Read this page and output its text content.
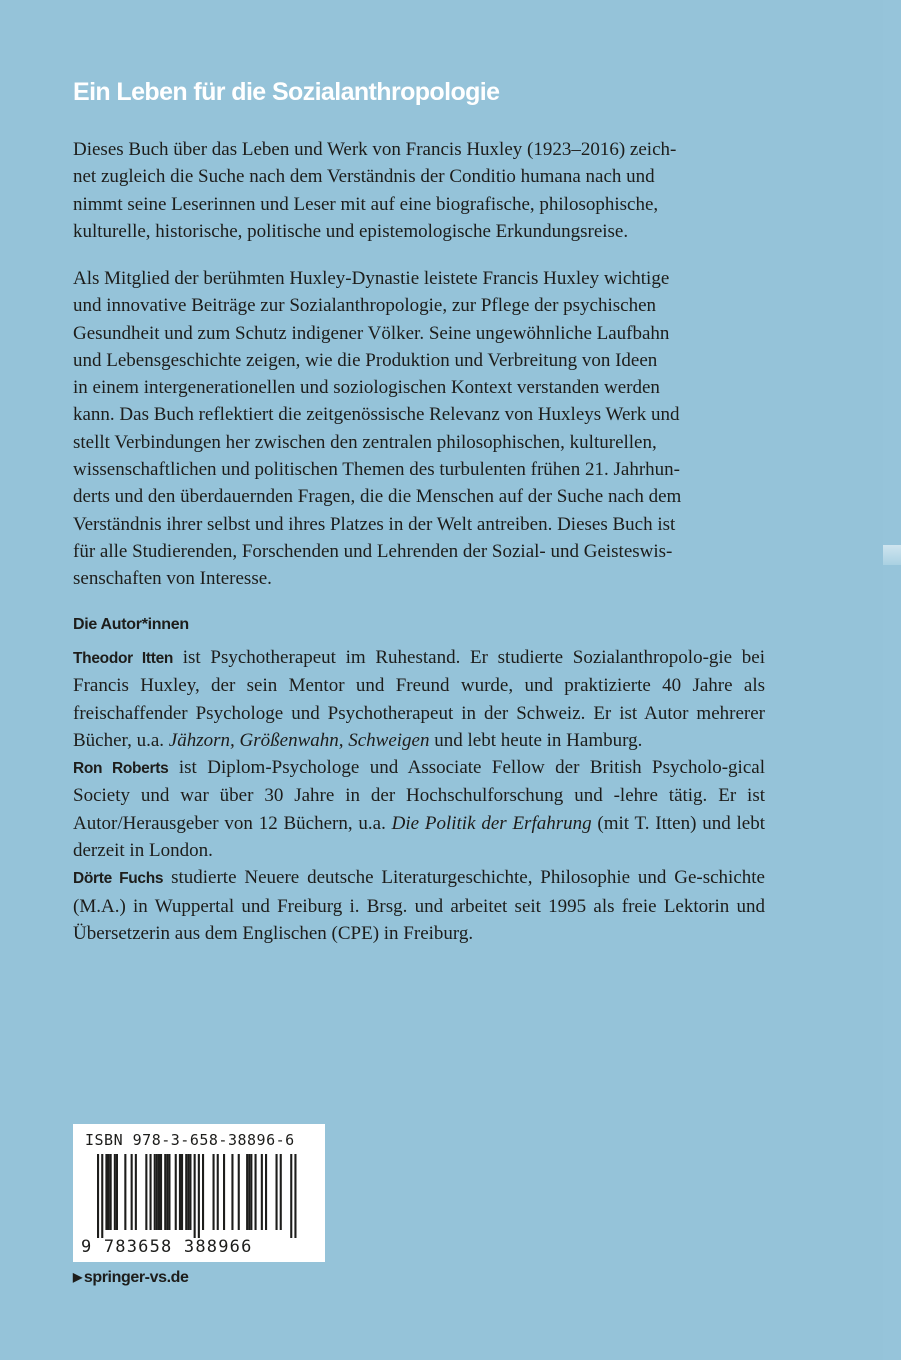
Ein Leben für die Sozialanthropologie
Dieses Buch über das Leben und Werk von Francis Huxley (1923–2016) zeich-
net zugleich die Suche nach dem Verständnis der Conditio humana nach und
nimmt seine Leserinnen und Leser mit auf eine biografische, philosophische,
kulturelle, historische, politische und epistemologische Erkundungsreise.
Als Mitglied der berühmten Huxley-Dynastie leistete Francis Huxley wichtige
und innovative Beiträge zur Sozialanthropologie, zur Pflege der psychischen
Gesundheit und zum Schutz indigener Völker. Seine ungewöhnliche Laufbahn
und Lebensgeschichte zeigen, wie die Produktion und Verbreitung von Ideen
in einem intergenerationellen und soziologischen Kontext verstanden werden
kann. Das Buch reflektiert die zeitgenössische Relevanz von Huxleys Werk und
stellt Verbindungen her zwischen den zentralen philosophischen, kulturellen,
wissenschaftlichen und politischen Themen des turbulenten frühen 21. Jahrhun-
derts und den überdauernden Fragen, die die Menschen auf der Suche nach dem
Verständnis ihrer selbst und ihres Platzes in der Welt antreiben. Dieses Buch ist
für alle Studierenden, Forschenden und Lehrenden der Sozial- und Geisteswis-
senschaften von Interesse.
Die Autor*innen

Theodor Itten ist Psychotherapeut im Ruhestand. Er studierte Sozialanthropolo-gie bei Francis Huxley, der sein Mentor und Freund wurde, und praktizierte 40 Jahre als freischaffender Psychologe und Psychotherapeut in der Schweiz. Er ist Autor mehrerer Bücher, u.a. Jähzorn, Größenwahn, Schweigen und lebt heute in Hamburg.

Ron Roberts ist Diplom-Psychologe und Associate Fellow der British Psycholo-gical Society und war über 30 Jahre in der Hochschulforschung und -lehre tätig. Er ist Autor/Herausgeber von 12 Büchern, u.a. Die Politik der Erfahrung (mit T. Itten) und lebt derzeit in London.

Dörte Fuchs studierte Neuere deutsche Literaturgeschichte, Philosophie und Ge-schichte (M.A.) in Wuppertal und Freiburg i. Brsg. und arbeitet seit 1995 als freie Lektorin und Übersetzerin aus dem Englischen (CPE) in Freiburg.

ISBN 978-3-658-38896-6
9 783658 388966
▶ springer-vs.de
